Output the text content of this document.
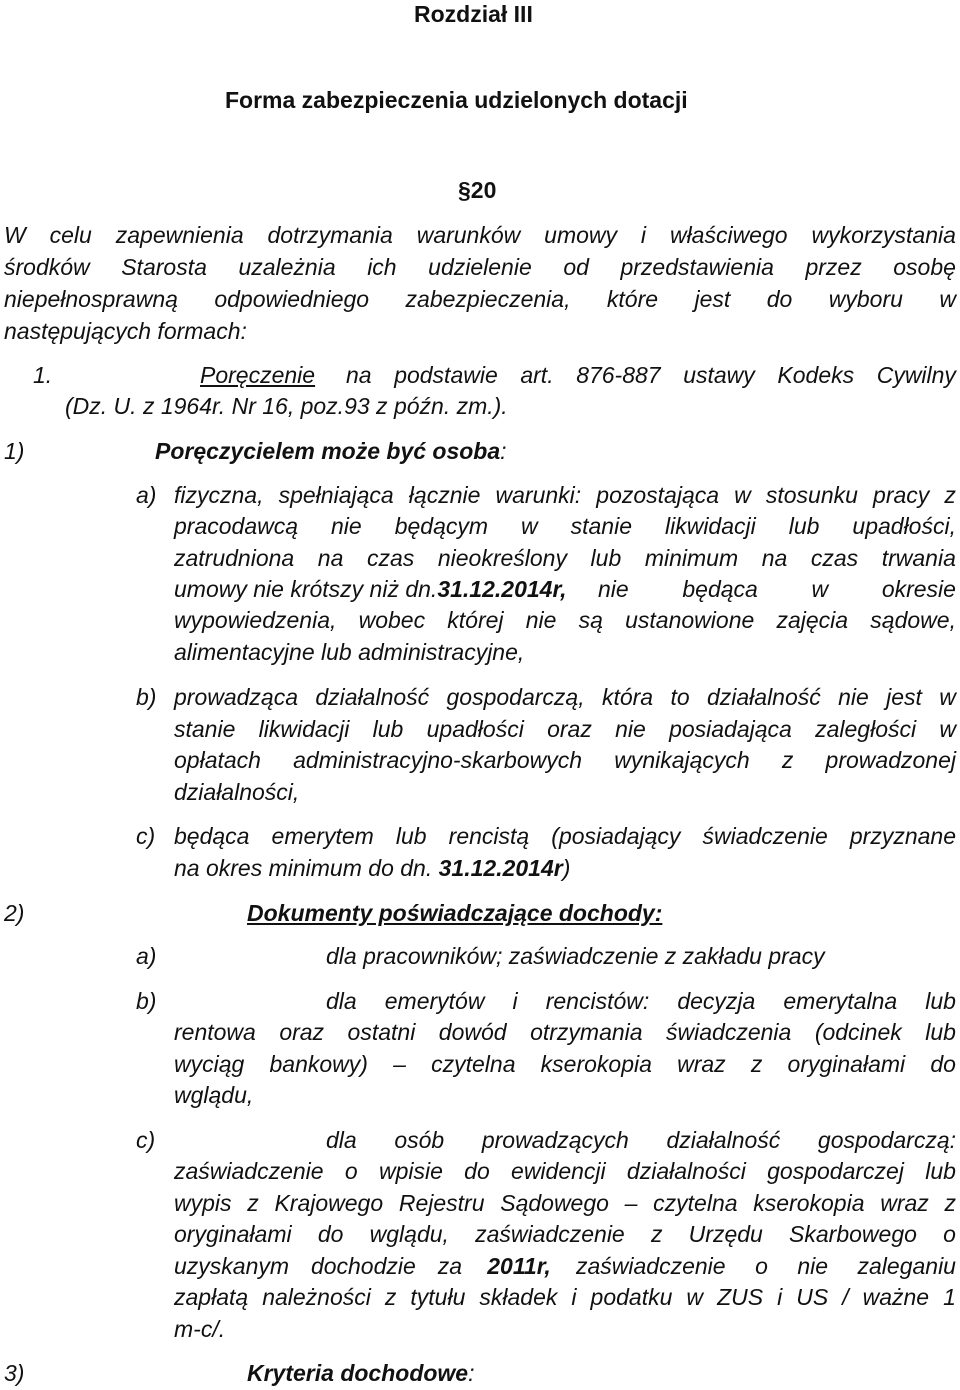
Rozdział III
Forma zabezpieczenia udzielonych dotacji
§20
W celu zapewnienia dotrzymania warunków umowy i właściwego wykorzystania
środków Starosta uzależnia ich udzielenie od przedstawienia przez osobę
niepełnosprawną odpowiedniego zabezpieczenia, które jest do wyboru w
następujących formach:
1.	Poręczenie na podstawie art. 876-887 ustawy Kodeks Cywilny
(Dz. U. z 1964r. Nr 16, poz.93 z późn. zm.).
1)	Poręczycielem może być osoba:
a) fizyczna, spełniająca łącznie warunki: pozostająca w stosunku pracy z
pracodawcą nie będącym w stanie likwidacji lub upadłości,
zatrudniona na czas nieokreślony lub minimum na czas trwania
umowy nie krótszy niż dn.31.12.2014r, nie będąca w okresie
wypowiedzenia, wobec której nie są ustanowione zajęcia sądowe,
alimentacyjne lub administracyjne,
b) prowadząca działalność gospodarczą, która to działalność nie jest w
stanie likwidacji lub upadłości oraz nie posiadająca zaległości w
opłatach administracyjno-skarbowych wynikających z prowadzonej
działalności,
c) będąca emerytem lub rencistą (posiadający świadczenie przyznane
na okres minimum do dn. 31.12.2014r)
2)	Dokumenty poświadczające dochody:
a)	dla pracowników; zaświadczenie z zakładu pracy
b)	dla emerytów i rencistów: decyzja emerytalna lub
rentowa oraz ostatni dowód otrzymania świadczenia (odcinek lub
wyciąg bankowy) – czytelna kserokopia wraz z oryginałami do
wglądu,
c)	dla osób prowadzących działalność gospodarczą:
zaświadczenie o wpisie do ewidencji działalności gospodarczej lub
wypis z Krajowego Rejestru Sądowego – czytelna kserokopia wraz z
oryginałami do wglądu, zaświadczenie z Urzędu Skarbowego o
uzyskanym dochodzie za 2011r, zaświadczenie o nie zaleganiu
zapłatą należności z tytułu składek i podatku w ZUS i US / ważne 1
m-c/.
3)	Kryteria dochodowe:
